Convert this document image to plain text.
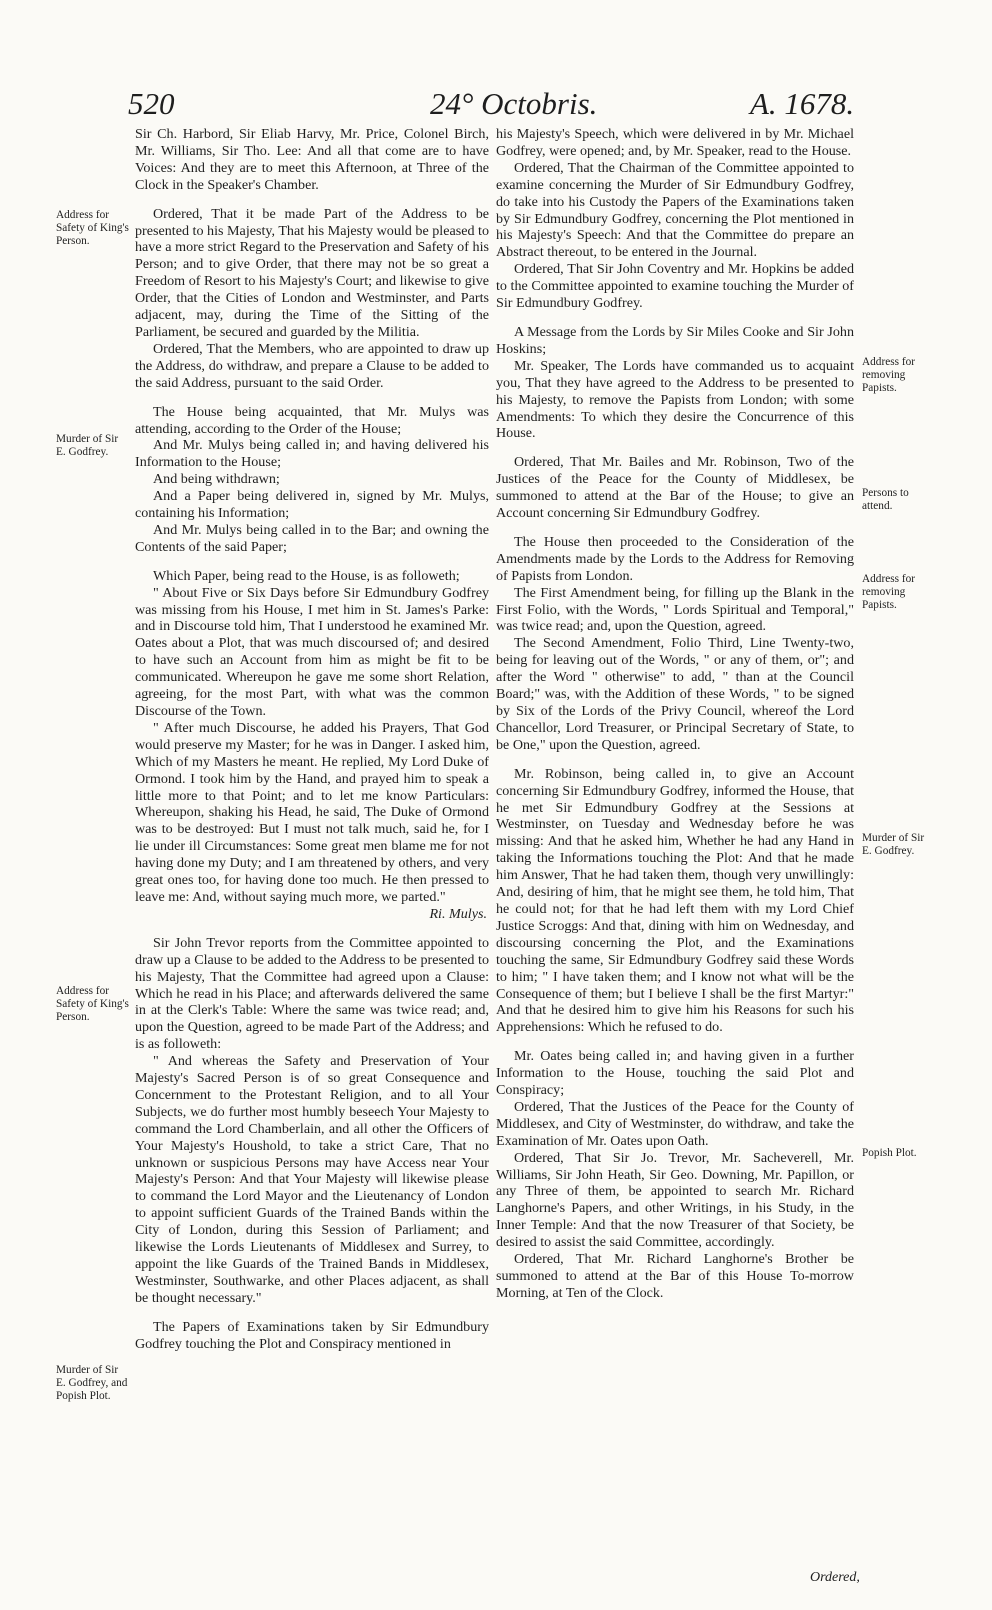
520	24° Octobris.	A. 1678.

Sir Ch. Harbord, Sir Eliab Harvy, Mr. Price, Colonel Birch, Mr. Williams, Sir Tho. Lee: And all that come are to have Voices: And they are to meet this Afternoon, at Three of the Clock in the Speaker's Chamber.

Ordered, That it be made Part of the Address to be presented to his Majesty, That his Majesty would be pleased to have a more strict Regard to the Preservation and Safety of his Person; and to give Order, that there may not be so great a Freedom of Resort to his Majesty's Court; and likewise to give Order, that the Cities of London and Westminster, and Parts adjacent, may, during the Time of the Sitting of the Parliament, be secured and guarded by the Militia.

Ordered, That the Members, who are appointed to draw up the Address, do withdraw, and prepare a Clause to be added to the said Address, pursuant to the said Order.

The House being acquainted, that Mr. Mulys was attending, according to the Order of the House;

And Mr. Mulys being called in; and having delivered his Information to the House;

And being withdrawn;

And a Paper being delivered in, signed by Mr. Mulys, containing his Information;

And Mr. Mulys being called in to the Bar; and owning the Contents of the said Paper;

Which Paper, being read to the House, is as followeth;

" About Five or Six Days before Sir Edmundbury Godfrey was missing from his House, I met him in St. James's Parke: and in Discourse told him, That I understood he examined Mr. Oates about a Plot, that was much discoursed of; and desired to have such an Account from him as might be fit to be communicated. Whereupon he gave me some short Relation, agreeing, for the most Part, with what was the common Discourse of the Town.

" After much Discourse, he added his Prayers, That God would preserve my Master; for he was in Danger. I asked him, Which of my Masters he meant. He replied, My Lord Duke of Ormond. I took him by the Hand, and prayed him to speak a little more to that Point; and to let me know Particulars: Whereupon, shaking his Head, he said, The Duke of Ormond was to be destroyed: But I must not talk much, said he, for I lie under ill Circumstances: Some great men blame me for not having done my Duty; and I am threatened by others, and very great ones too, for having done too much. He then pressed to leave me: And, without saying much more, we parted."

Ri. Mulys.

Sir John Trevor reports from the Committee appointed to draw up a Clause to be added to the Address to be presented to his Majesty, That the Committee had agreed upon a Clause: Which he read in his Place; and afterwards delivered the same in at the Clerk's Table: Where the same was twice read; and, upon the Question, agreed to be made Part of the Address; and is as followeth:

" And whereas the Safety and Preservation of Your Majesty's Sacred Person is of so great Consequence and Concernment to the Protestant Religion, and to all Your Subjects, we do further most humbly beseech Your Majesty to command the Lord Chamberlain, and all other the Officers of Your Majesty's Houshold, to take a strict Care, That no unknown or suspicious Persons may have Access near Your Majesty's Person: And that Your Majesty will likewise please to command the Lord Mayor and the Lieutenancy of London to appoint sufficient Guards of the Trained Bands within the City of London, during this Session of Parliament; and likewise the Lords Lieutenants of Middlesex and Surrey, to appoint the like Guards of the Trained Bands in Middlesex, Westminster, Southwarke, and other Places adjacent, as shall be thought necessary."

The Papers of Examinations taken by Sir Edmundbury Godfrey touching the Plot and Conspiracy mentioned in

his Majesty's Speech, which were delivered in by Mr. Michael Godfrey, were opened; and, by Mr. Speaker, read to the House.

Ordered, That the Chairman of the Committee appointed to examine concerning the Murder of Sir Edmundbury Godfrey, do take into his Custody the Papers of the Examinations taken by Sir Edmundbury Godfrey, concerning the Plot mentioned in his Majesty's Speech: And that the Committee do prepare an Abstract thereout, to be entered in the Journal.

Ordered, That Sir John Coventry and Mr. Hopkins be added to the Committee appointed to examine touching the Murder of Sir Edmundbury Godfrey.

A Message from the Lords by Sir Miles Cooke and Sir John Hoskins;

Mr. Speaker, The Lords have commanded us to acquaint you, That they have agreed to the Address to be presented to his Majesty, to remove the Papists from London; with some Amendments: To which they desire the Concurrence of this House.

Ordered, That Mr. Bailes and Mr. Robinson, Two of the Justices of the Peace for the County of Middlesex, be summoned to attend at the Bar of the House; to give an Account concerning Sir Edmundbury Godfrey.

The House then proceeded to the Consideration of the Amendments made by the Lords to the Address for Removing of Papists from London.

The First Amendment being, for filling up the Blank in the First Folio, with the Words, " Lords Spiritual and Temporal," was twice read; and, upon the Question, agreed.

The Second Amendment, Folio Third, Line Twenty-two, being for leaving out of the Words, " or any of them, or"; and after the Word " otherwise" to add, " than at the Council Board;" was, with the Addition of these Words, " to be signed by Six of the Lords of the Privy Council, whereof the Lord Chancellor, Lord Treasurer, or Principal Secretary of State, to be One," upon the Question, agreed.

Mr. Robinson, being called in, to give an Account concerning Sir Edmundbury Godfrey, informed the House, that he met Sir Edmundbury Godfrey at the Sessions at Westminster, on Tuesday and Wednesday before he was missing: And that he asked him, Whether he had any Hand in taking the Informations touching the Plot: And that he made him Answer, That he had taken them, though very unwillingly: And, desiring of him, that he might see them, he told him, That he could not; for that he had left them with my Lord Chief Justice Scroggs: And that, dining with him on Wednesday, and discoursing concerning the Plot, and the Examinations touching the same, Sir Edmundbury Godfrey said these Words to him; " I have taken them; and I know not what will be the Consequence of them; but I believe I shall be the first Martyr:" And that he desired him to give him his Reasons for such his Apprehensions: Which he refused to do.

Mr. Oates being called in; and having given in a further Information to the House, touching the said Plot and Conspiracy;

Ordered, That the Justices of the Peace for the County of Middlesex, and City of Westminster, do withdraw, and take the Examination of Mr. Oates upon Oath.

Ordered, That Sir Jo. Trevor, Mr. Sacheverell, Mr. Williams, Sir John Heath, Sir Geo. Downing, Mr. Papillon, or any Three of them, be appointed to search Mr. Richard Langhorne's Papers, and other Writings, in his Study, in the Inner Temple: And that the now Treasurer of that Society, be desired to assist the said Committee, accordingly.

Ordered, That Mr. Richard Langhorne's Brother be summoned to attend at the Bar of this House To-morrow Morning, at Ten of the Clock.

Address for Safety of King's Person.
Murder of Sir E. Godfrey.
Address for Safety of King's Person.
Murder of Sir E. Godfrey, and Popish Plot.
Address for removing Papists.
Persons to attend.
Address for removing Papists.
Murder of Sir E. Godfrey.
Popish Plot.
Ordered,
